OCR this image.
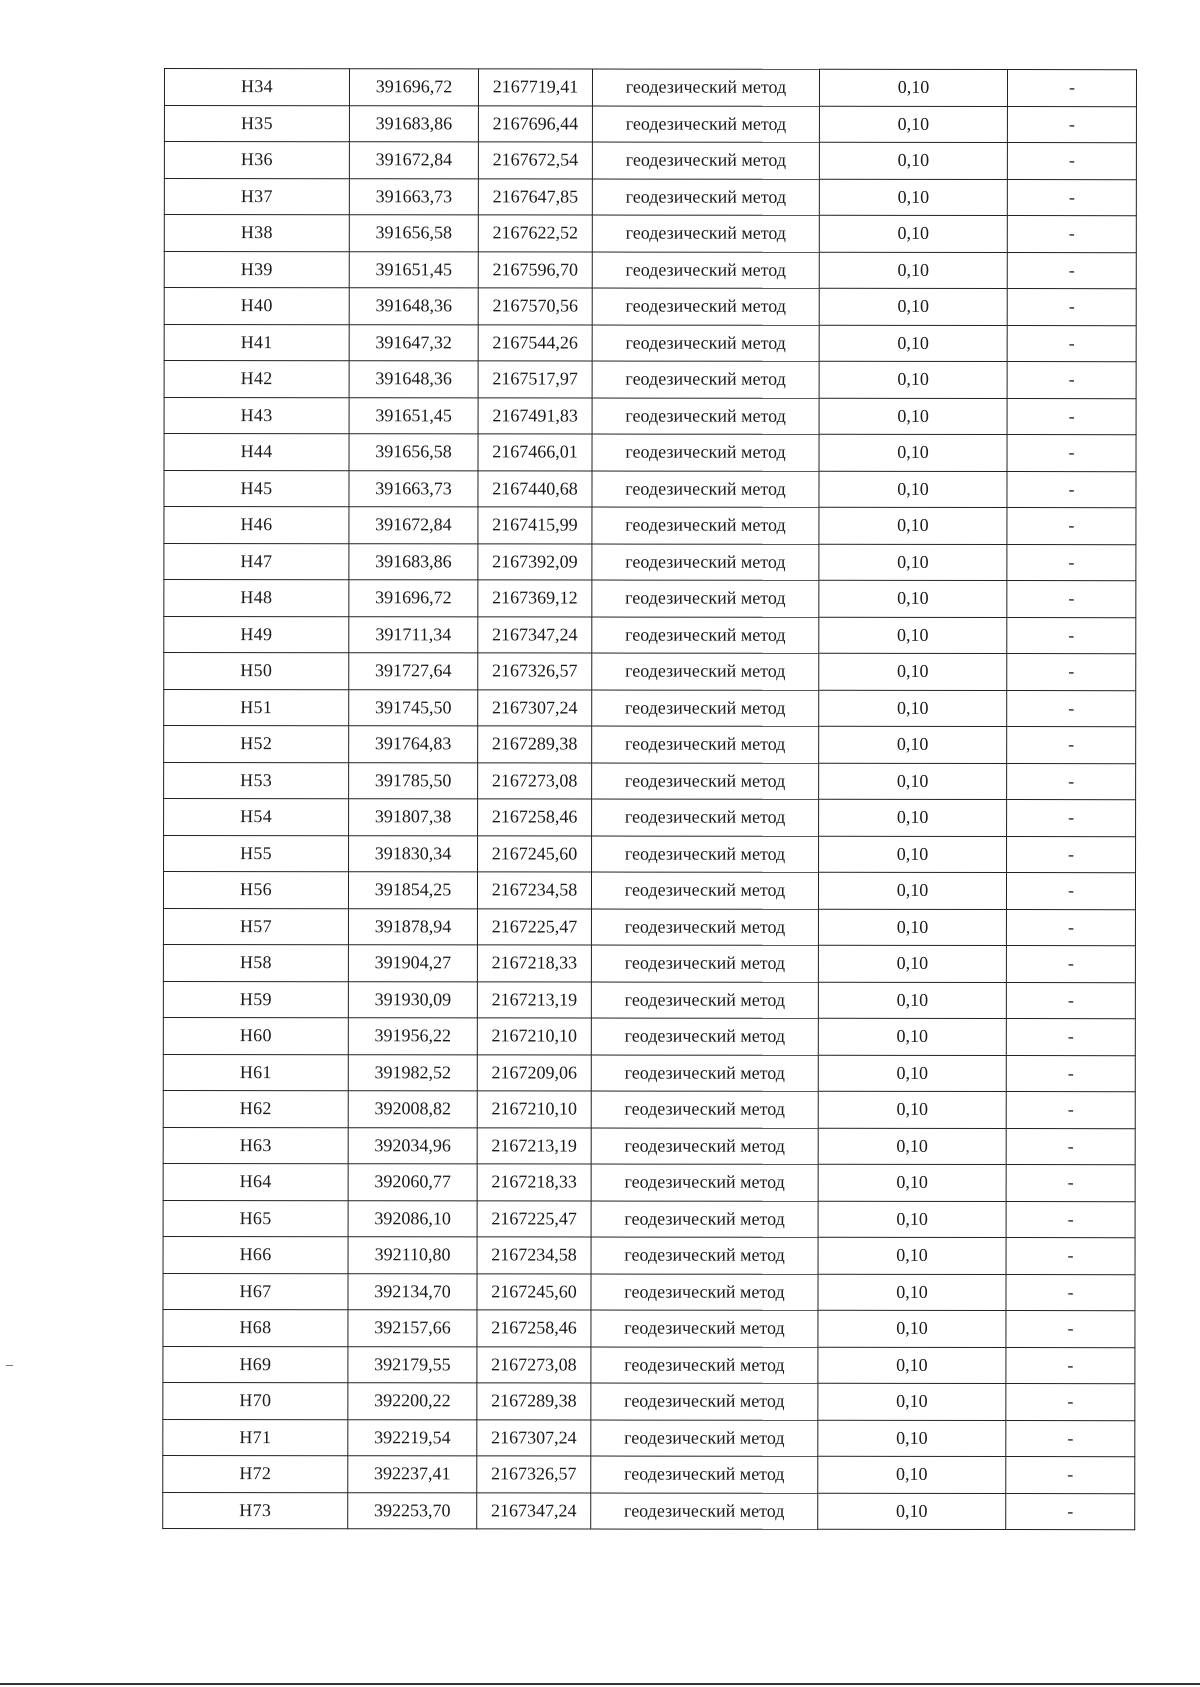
Н34	391696,72	2167719,41	геодезический метод	0,10	-
Н35	391683,86	2167696,44	геодезический метод	0,10	-
Н36	391672,84	2167672,54	геодезический метод	0,10	-
Н37	391663,73	2167647,85	геодезический метод	0,10	-
Н38	391656,58	2167622,52	геодезический метод	0,10	-
Н39	391651,45	2167596,70	геодезический метод	0,10	-
Н40	391648,36	2167570,56	геодезический метод	0,10	-
Н41	391647,32	2167544,26	геодезический метод	0,10	-
Н42	391648,36	2167517,97	геодезический метод	0,10	-
Н43	391651,45	2167491,83	геодезический метод	0,10	-
Н44	391656,58	2167466,01	геодезический метод	0,10	-
Н45	391663,73	2167440,68	геодезический метод	0,10	-
Н46	391672,84	2167415,99	геодезический метод	0,10	-
Н47	391683,86	2167392,09	геодезический метод	0,10	-
Н48	391696,72	2167369,12	геодезический метод	0,10	-
Н49	391711,34	2167347,24	геодезический метод	0,10	-
Н50	391727,64	2167326,57	геодезический метод	0,10	-
Н51	391745,50	2167307,24	геодезический метод	0,10	-
Н52	391764,83	2167289,38	геодезический метод	0,10	-
Н53	391785,50	2167273,08	геодезический метод	0,10	-
Н54	391807,38	2167258,46	геодезический метод	0,10	-
Н55	391830,34	2167245,60	геодезический метод	0,10	-
Н56	391854,25	2167234,58	геодезический метод	0,10	-
Н57	391878,94	2167225,47	геодезический метод	0,10	-
Н58	391904,27	2167218,33	геодезический метод	0,10	-
Н59	391930,09	2167213,19	геодезический метод	0,10	-
Н60	391956,22	2167210,10	геодезический метод	0,10	-
Н61	391982,52	2167209,06	геодезический метод	0,10	-
Н62	392008,82	2167210,10	геодезический метод	0,10	-
Н63	392034,96	2167213,19	геодезический метод	0,10	-
Н64	392060,77	2167218,33	геодезический метод	0,10	-
Н65	392086,10	2167225,47	геодезический метод	0,10	-
Н66	392110,80	2167234,58	геодезический метод	0,10	-
Н67	392134,70	2167245,60	геодезический метод	0,10	-
Н68	392157,66	2167258,46	геодезический метод	0,10	-
Н69	392179,55	2167273,08	геодезический метод	0,10	-
Н70	392200,22	2167289,38	геодезический метод	0,10	-
Н71	392219,54	2167307,24	геодезический метод	0,10	-
Н72	392237,41	2167326,57	геодезический метод	0,10	-
Н73	392253,70	2167347,24	геодезический метод	0,10	-
